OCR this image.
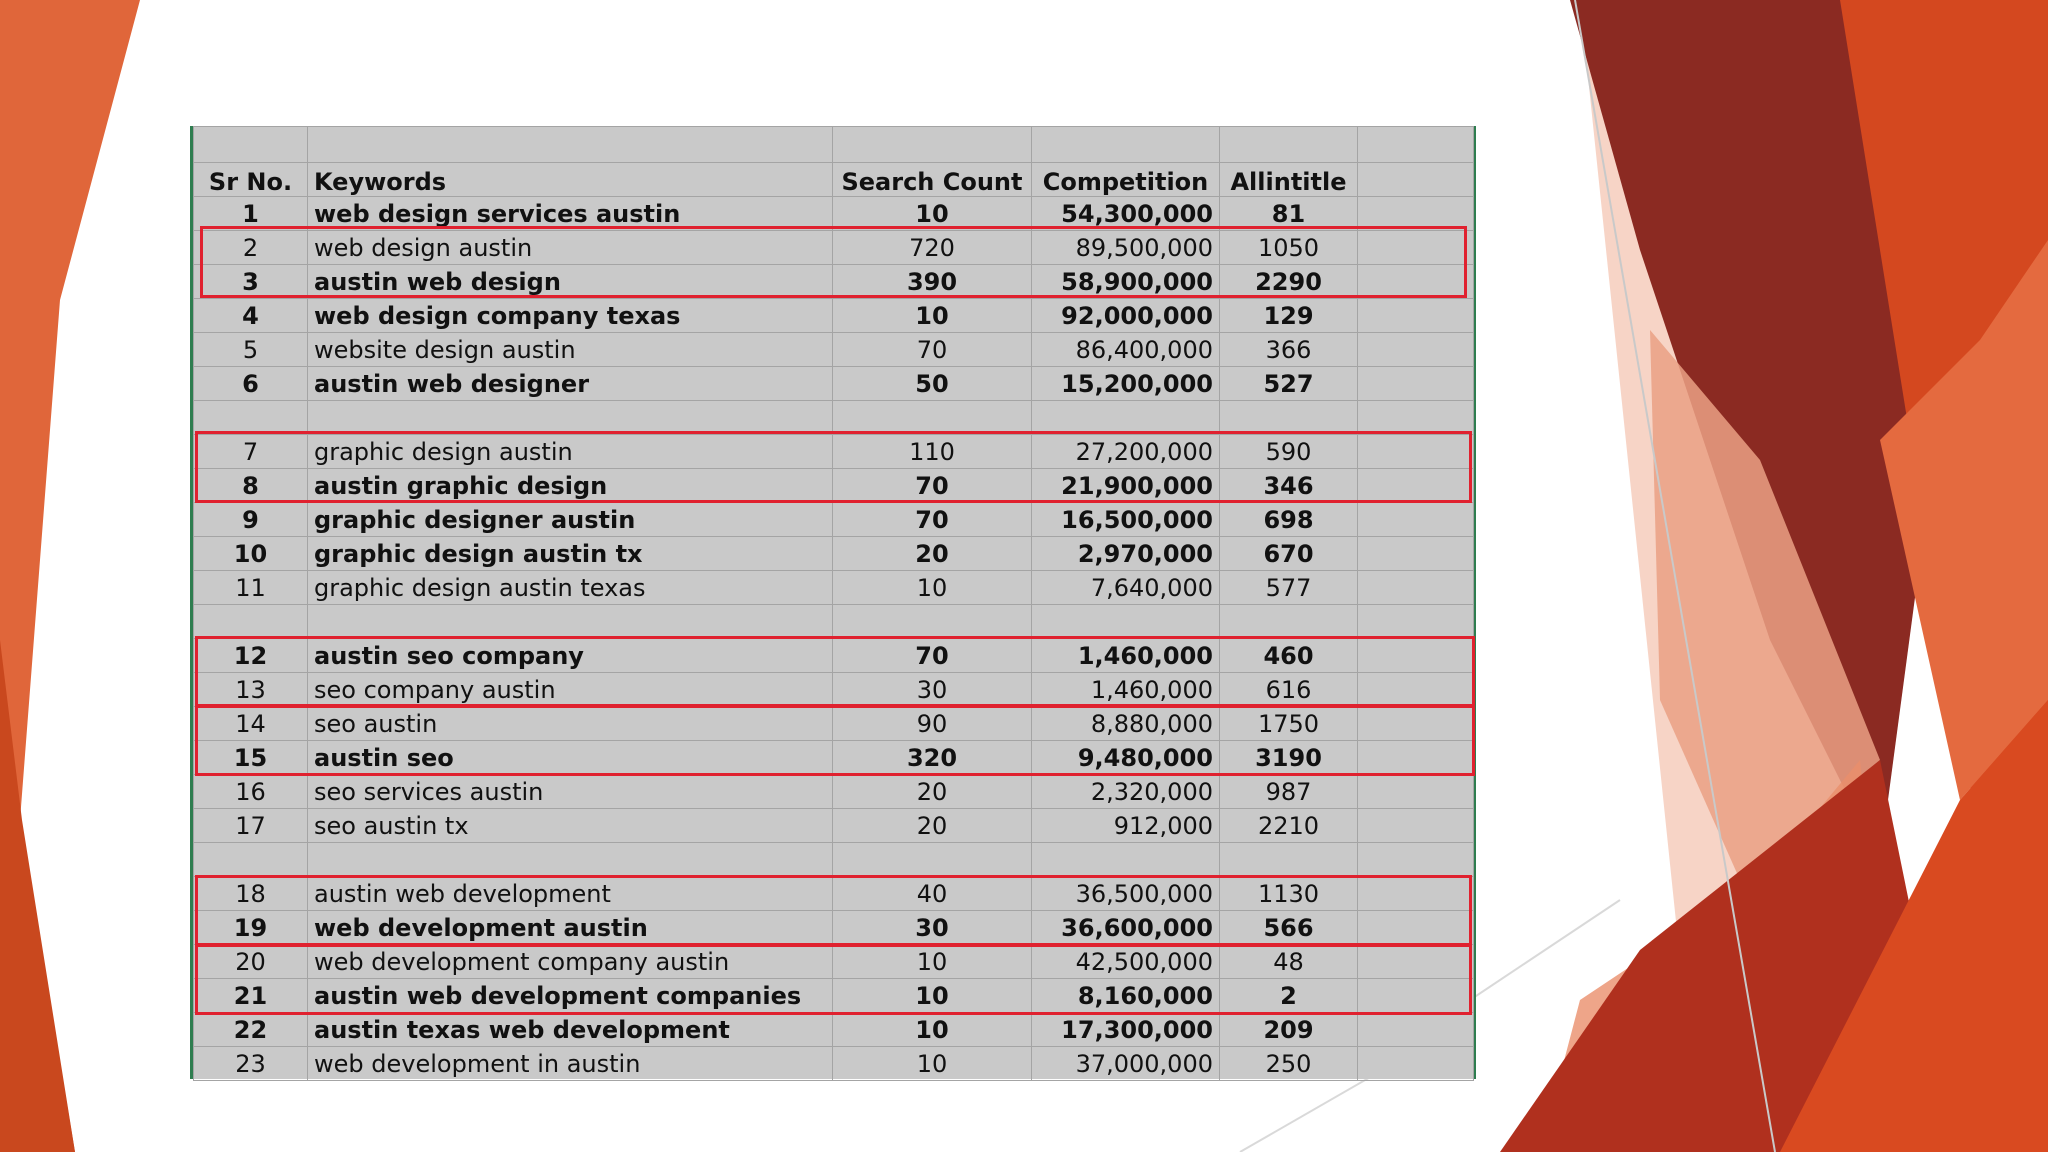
Sr No.	Keywords	Search Count	Competition	Allintitle	
1	web design services austin	10	54,300,000	81	
2	web design austin	720	89,500,000	1050	
3	austin web design	390	58,900,000	2290	
4	web design company texas	10	92,000,000	129	
5	website design austin	70	86,400,000	366	
6	austin web designer	50	15,200,000	527	

7	graphic design austin	110	27,200,000	590	
8	austin graphic design	70	21,900,000	346	
9	graphic designer austin	70	16,500,000	698	
10	graphic design austin tx	20	2,970,000	670	
11	graphic design austin texas	10	7,640,000	577	

12	austin seo company	70	1,460,000	460	
13	seo company austin	30	1,460,000	616	
14	seo austin	90	8,880,000	1750	
15	austin seo	320	9,480,000	3190	
16	seo services austin	20	2,320,000	987	
17	seo austin tx	20	912,000	2210	

18	austin web development	40	36,500,000	1130	
19	web development austin	30	36,600,000	566	
20	web development company austin	10	42,500,000	48	
21	austin web development companies	10	8,160,000	2	
22	austin texas web development	10	17,300,000	209	
23	web development in austin	10	37,000,000	250	
